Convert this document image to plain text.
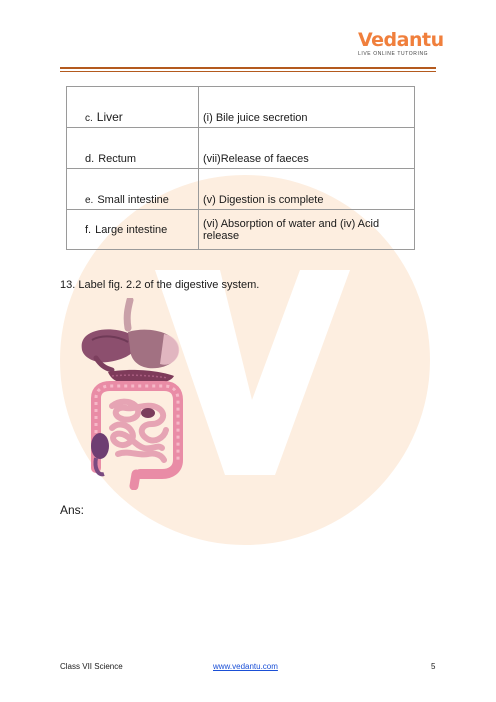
Vedantu
LIVE ONLINE TUTORING
c. Liver	(i) Bile juice secretion
d. Rectum	(vii)Release of faeces
e. Small intestine	(v) Digestion is complete
f. Large intestine	(vi) Absorption of water and (iv) Acid release
13. Label fig. 2.2 of the digestive system.
Ans:
Class VII Science	www.vedantu.com	5
